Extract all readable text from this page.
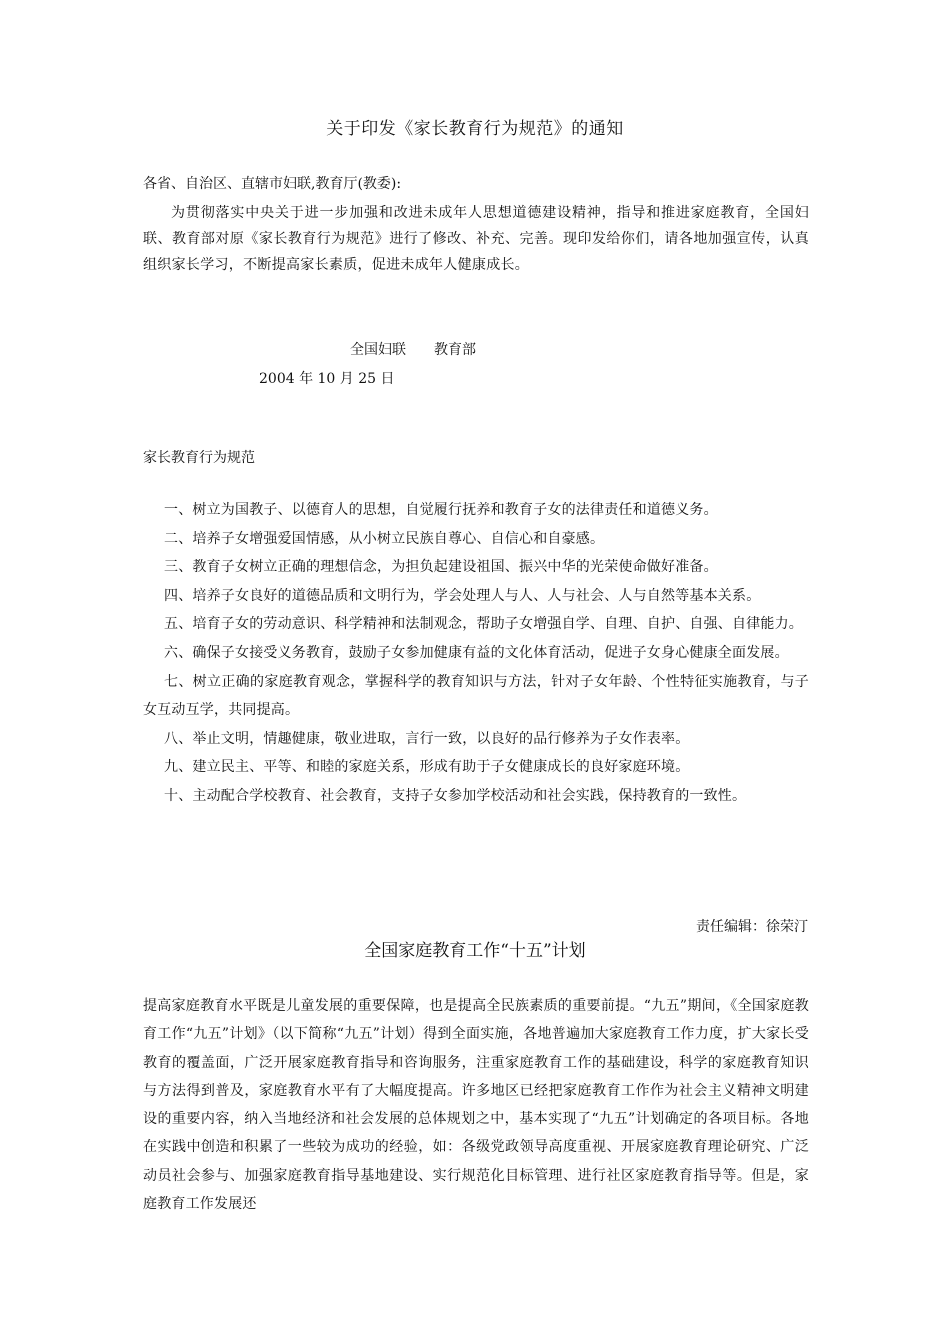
关于印发《家长教育行为规范》的通知
各省、自治区、直辖市妇联,教育厅(教委):

为贯彻落实中央关于进一步加强和改进未成年人思想道德建设精神，指导和推进家庭教育，全国妇联、教育部对原《家长教育行为规范》进行了修改、补充、完善。现印发给你们，请各地加强宣传，认真组织家长学习，不断提高家长素质，促进未成年人健康成长。

全国妇联　　教育部
2004 年 10 月 25 日
家长教育行为规范

一、树立为国教子、以德育人的思想，自觉履行抚养和教育子女的法律责任和道德义务。

二、培养子女增强爱国情感，从小树立民族自尊心、自信心和自豪感。

三、教育子女树立正确的理想信念，为担负起建设祖国、振兴中华的光荣使命做好准备。

四、培养子女良好的道德品质和文明行为，学会处理人与人、人与社会、人与自然等基本关系。

五、培育子女的劳动意识、科学精神和法制观念，帮助子女增强自学、自理、自护、自强、自律能力。

六、确保子女接受义务教育，鼓励子女参加健康有益的文化体育活动，促进子女身心健康全面发展。

七、树立正确的家庭教育观念，掌握科学的教育知识与方法，针对子女年龄、个性特征实施教育，与子女互动互学，共同提高。

八、举止文明，情趣健康，敬业进取，言行一致，以良好的品行修养为子女作表率。

九、建立民主、平等、和睦的家庭关系，形成有助于子女健康成长的良好家庭环境。

十、主动配合学校教育、社会教育，支持子女参加学校活动和社会实践，保持教育的一致性。

责任编辑：徐荣汀
全国家庭教育工作“十五”计划

提高家庭教育水平既是儿童发展的重要保障，也是提高全民族素质的重要前提。“九五”期间，《全国家庭教育工作“九五”计划》（以下简称“九五”计划）得到全面实施，各地普遍加大家庭教育工作力度，扩大家长受教育的覆盖面，广泛开展家庭教育指导和咨询服务，注重家庭教育工作的基础建设，科学的家庭教育知识与方法得到普及，家庭教育水平有了大幅度提高。许多地区已经把家庭教育工作作为社会主义精神文明建设的重要内容，纳入当地经济和社会发展的总体规划之中，基本实现了“九五”计划确定的各项目标。各地在实践中创造和积累了一些较为成功的经验，如：各级党政领导高度重视、开展家庭教育理论研究、广泛动员社会参与、加强家庭教育指导基地建设、实行规范化目标管理、进行社区家庭教育指导等。但是，家庭教育工作发展还
